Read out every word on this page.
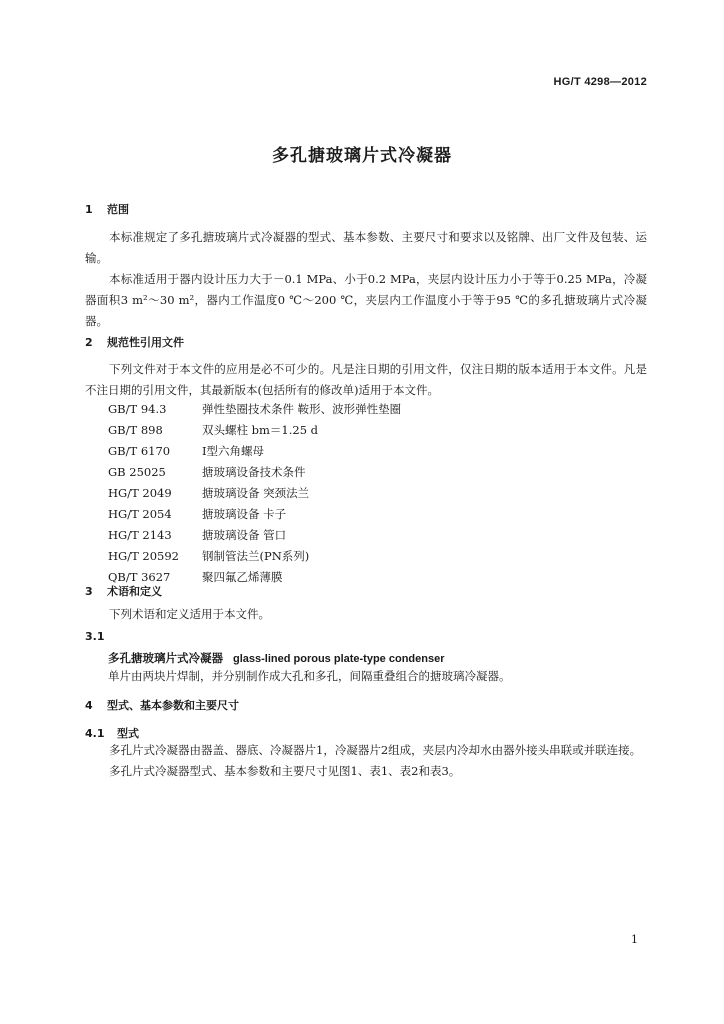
HG/T 4298—2012
多孔搪玻璃片式冷凝器
1 范围

本标准规定了多孔搪玻璃片式冷凝器的型式、基本参数、主要尺寸和要求以及铭牌、出厂文件及包装、运输。

本标准适用于器内设计压力大于－0.1 MPa、小于0.2 MPa，夹层内设计压力小于等于0.25 MPa，冷凝器面积3 m²～30 m²，器内工作温度0 ℃～200 ℃，夹层内工作温度小于等于95 ℃的多孔搪玻璃片式冷凝器。

2 规范性引用文件

下列文件对于本文件的应用是必不可少的。凡是注日期的引用文件，仅注日期的版本适用于本文件。凡是不注日期的引用文件，其最新版本(包括所有的修改单)适用于本文件。

GB/T 94.3	弹性垫圈技术条件 鞍形、波形弹性垫圈
GB/T 898	双头螺柱 bm＝1.25 d
GB/T 6170	Ⅰ型六角螺母
GB 25025	搪玻璃设备技术条件
HG/T 2049	搪玻璃设备 突颈法兰
HG/T 2054	搪玻璃设备 卡子
HG/T 2143	搪玻璃设备 管口
HG/T 20592 钢制管法兰(PN系列)
QB/T 3627	聚四氟乙烯薄膜
3 术语和定义

下列术语和定义适用于本文件。

3.1
多孔搪玻璃片式冷凝器 glass-lined porous plate-type condenser
单片由两块片焊制，并分别制作成大孔和多孔，间隔重叠组合的搪玻璃冷凝器。
4 型式、基本参数和主要尺寸
4.1 型式

多孔片式冷凝器由器盖、器底、冷凝器片1，冷凝器片2组成，夹层内冷却水由器外接头串联或并联连接。

多孔片式冷凝器型式、基本参数和主要尺寸见图1、表1、表2和表3。

1
